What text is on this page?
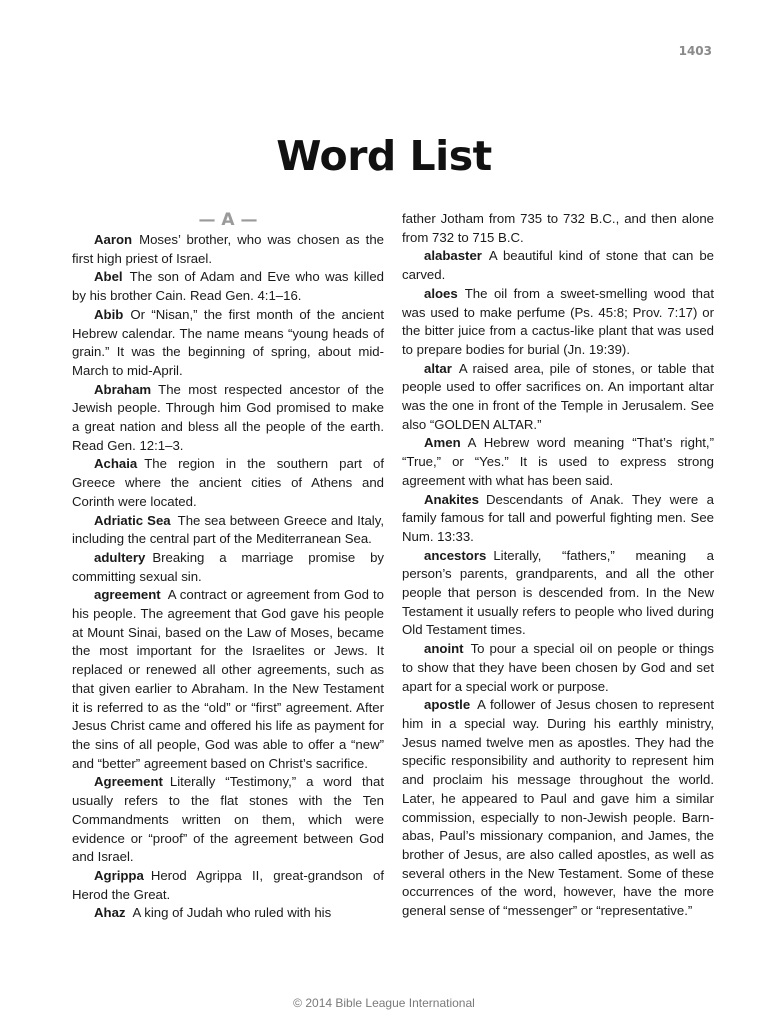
1403
Word List
— A —

Aaron Moses’ brother, who was chosen as the first high priest of Israel.

Abel The son of Adam and Eve who was killed by his brother Cain. Read Gen. 4:1–16.

Abib Or “Nisan,” the first month of the ancient Hebrew calendar. The name means “young heads of grain.” It was the beginning of spring, about mid-March to mid-April.

Abraham The most respected ancestor of the Jewish people. Through him God promised to make a great nation and bless all the people of the earth. Read Gen. 12:1–3.

Achaia The region in the southern part of Greece where the ancient cities of Athens and Corinth were located.

Adriatic Sea The sea between Greece and Italy, including the central part of the Mediterranean Sea.

adultery Breaking a marriage promise by committing sexual sin.

agreement A contract or agreement from God to his people. The agreement that God gave his people at Mount Sinai, based on the Law of Moses, became the most important for the Israelites or Jews. It replaced or renewed all other agreements, such as that given earlier to Abraham. In the New Testament it is referred to as the “old” or “first” agreement. After Jesus Christ came and offered his life as payment for the sins of all people, God was able to offer a “new” and “better” agreement based on Christ’s sacrifice.

Agreement Literally “Testimony,” a word that usually refers to the flat stones with the Ten Commandments written on them, which were evidence or “proof” of the agreement between God and Israel.

Agrippa Herod Agrippa II, great-grandson of Herod the Great.

Ahaz A king of Judah who ruled with his

father Jotham from 735 to 732 B.C., and then alone from 732 to 715 B.C.

alabaster A beautiful kind of stone that can be carved.

aloes The oil from a sweet-smelling wood that was used to make perfume (Ps. 45:8; Prov. 7:17) or the bitter juice from a cactus-like plant that was used to prepare bodies for burial (Jn. 19:39).

altar A raised area, pile of stones, or table that people used to offer sacrifices on. An important altar was the one in front of the Temple in Jerusalem. See also “GOLDEN ALTAR.”

Amen A Hebrew word meaning “That’s right,” “True,” or “Yes.” It is used to express strong agreement with what has been said.

Anakites Descendants of Anak. They were a family famous for tall and powerful fighting men. See Num. 13:33.

ancestors Literally, “fathers,” meaning a person’s parents, grandparents, and all the other people that person is descended from. In the New Testament it usually refers to people who lived during Old Testament times.

anoint To pour a special oil on people or things to show that they have been chosen by God and set apart for a special work or purpose.

apostle A follower of Jesus chosen to represent him in a special way. During his earthly ministry, Jesus named twelve men as apostles. They had the specific responsibility and authority to represent him and proclaim his message throughout the world. Later, he appeared to Paul and gave him a similar commission, especially to non-Jewish people. Barnabas, Paul’s missionary companion, and James, the brother of Jesus, are also called apostles, as well as several others in the New Testament. Some of these occurrences of the word, however, have the more general sense of “messenger” or “representative.”

© 2014 Bible League International
